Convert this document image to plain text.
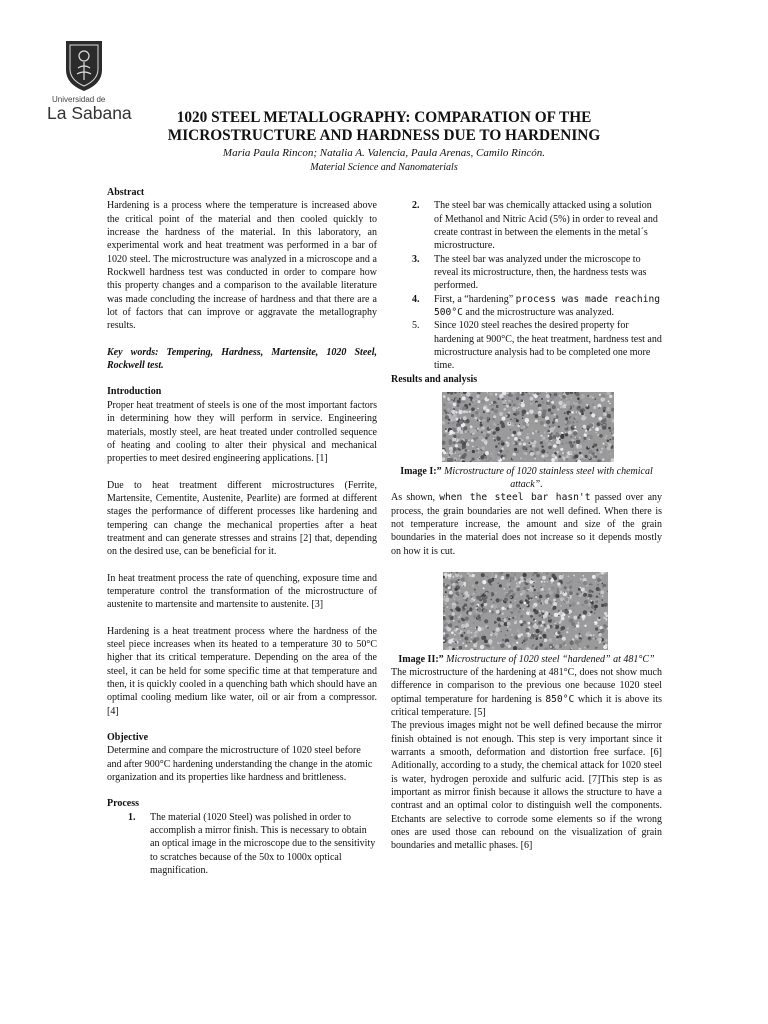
Universidad de
La Sabana	1020 STEEL METALLOGRAPHY: COMPARATION OF THE
MICROSTRUCTURE AND HARDNESS DUE TO HARDENING
Maria Paula Rincon; Natalia A. Valencia, Paula Arenas, Camilo Rincón.
Material Science and Nanomaterials
Abstract
Hardening is a process where the temperature is increased above the critical point of the material and then cooled quickly to increase the hardness of the material. In this laboratory, an experimental work and heat treatment was performed in a bar of 1020 steel. The microstructure was analyzed in a microscope and a Rockwell hardness test was conducted in order to compare how this property changes and a comparison to the available literature was made concluding the increase of hardness and that there are a lot of factors that can improve or aggravate the metallography results.
Key words: Tempering, Hardness, Martensite, 1020 Steel, Rockwell test.
Introduction
Proper heat treatment of steels is one of the most important factors in determining how they will perform in service. Engineering materials, mostly steel, are heat treated under controlled sequence of heating and cooling to alter their physical and mechanical properties to meet desired engineering applications. [1]
Due to heat treatment different microstructures (Ferrite, Martensite, Cementite, Austenite, Pearlite) are formed at different stages the performance of different processes like hardening and tempering can change the mechanical properties after a heat treatment and can generate stresses and strains [2] that, depending on the desired use, can be beneficial for it.
In heat treatment process the rate of quenching, exposure time and temperature control the transformation of the microstructure of austenite to martensite and martensite to austenite. [3]
Hardening is a heat treatment process where the hardness of the steel piece increases when its heated to a temperature 30 to 50°C higher that its critical temperature. Depending on the area of the steel, it can be held for some specific time at that temperature and then, it is quickly cooled in a quenching bath which should have an optimal cooling medium like water, oil or air from a compressor. [4]
Objective
Determine and compare the microstructure of 1020 steel before and after 900°C hardening understanding the change in the atomic organization and its properties like hardness and brittleness.
Process
1. The material (1020 Steel) was polished in order to accomplish a mirror finish. This is necessary to obtain an optical image in the microscope due to the sensitivity to scratches because of the 50x to 1000x optical magnification.
2. The steel bar was chemically attacked using a solution of Methanol and Nitric Acid (5%) in order to reveal and create contrast in between the elements in the metal´s microstructure.
3. The steel bar was analyzed under the microscope to reveal its microstructure, then, the hardness tests was performed.
4. First, a “hardening” process was made reaching 500°C and the microstructure was analyzed.
5. Since 1020 steel reaches the desired property for hardening at 900°C, the heat treatment, hardness test and microstructure analysis had to be completed one more time.
Results and analysis
Image I:” Microstructure of 1020 stainless steel with chemical attack”.
As shown, when the steel bar hasn't passed over any process, the grain boundaries are not well defined. When there is not temperature increase, the amount and size of the grain boundaries in the material does not increase so it depends mostly on how it is cut.
Image II:” Microstructure of 1020 steel “hardened” at 481°C”
The microstructure of the hardening at 481°C, does not show much difference in comparison to the previous one because 1020 steel optimal temperature for hardening is 850°C which it is above its critical temperature. [5]
The previous images might not be well defined because the mirror finish obtained is not enough. This step is very important since it warrants a smooth, deformation and distortion free surface. [6] Aditionally, according to a study, the chemical attack for 1020 steel is water, hydrogen peroxide and sulfuric acid. [7]This step is as important as mirror finish because it allows the structure to have a contrast and an optimal color to distinguish well the components. Etchants are selective to corrode some elements so if the wrong ones are used those can rebound on the visualization of grain boundaries and metallic phases. [6]
